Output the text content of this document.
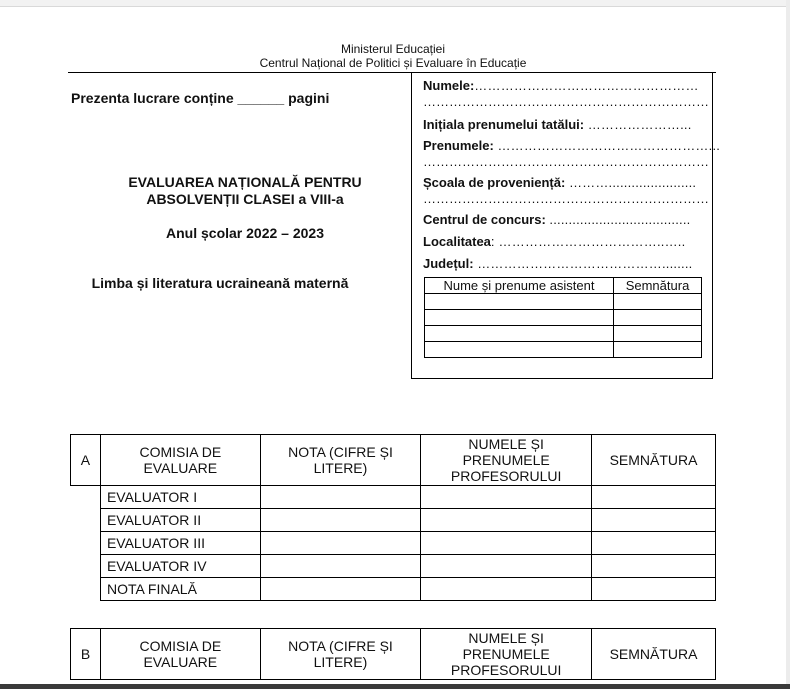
Ministerul Educației
Centrul Național de Politici și Evaluare în Educație
Prezenta lucrare conține ______ pagini
EVALUAREA NAȚIONALĂ PENTRU
ABSOLVENȚII CLASEI a VIII-a
Anul școlar 2022 – 2023
Limba și literatura ucraineană maternă
Numele:……………………………………………
…………………………………………………………
Inițiala prenumelui tatălui: …………………...
Prenumele: …………………………………………...
…………………………………………………………
Școala de proveniență: ……….......................
…………………………………………………………
Centrul de concurs: .....................................
Localitatea: ………………………………..…..
Județul: ……………………………………........
Nume și prenume asistent	Semnătura

A	COMISIA DE EVALUARE	NOTA (CIFRE ȘI LITERE)	NUMELE ȘI PRENUMELE PROFESORULUI	SEMNĂTURA
	EVALUATOR I			
	EVALUATOR II			
	EVALUATOR III			
	EVALUATOR IV			
	NOTA FINALĂ			
B	COMISIA DE EVALUARE	NOTA (CIFRE ȘI LITERE)	NUMELE ȘI PRENUMELE PROFESORULUI	SEMNĂTURA
